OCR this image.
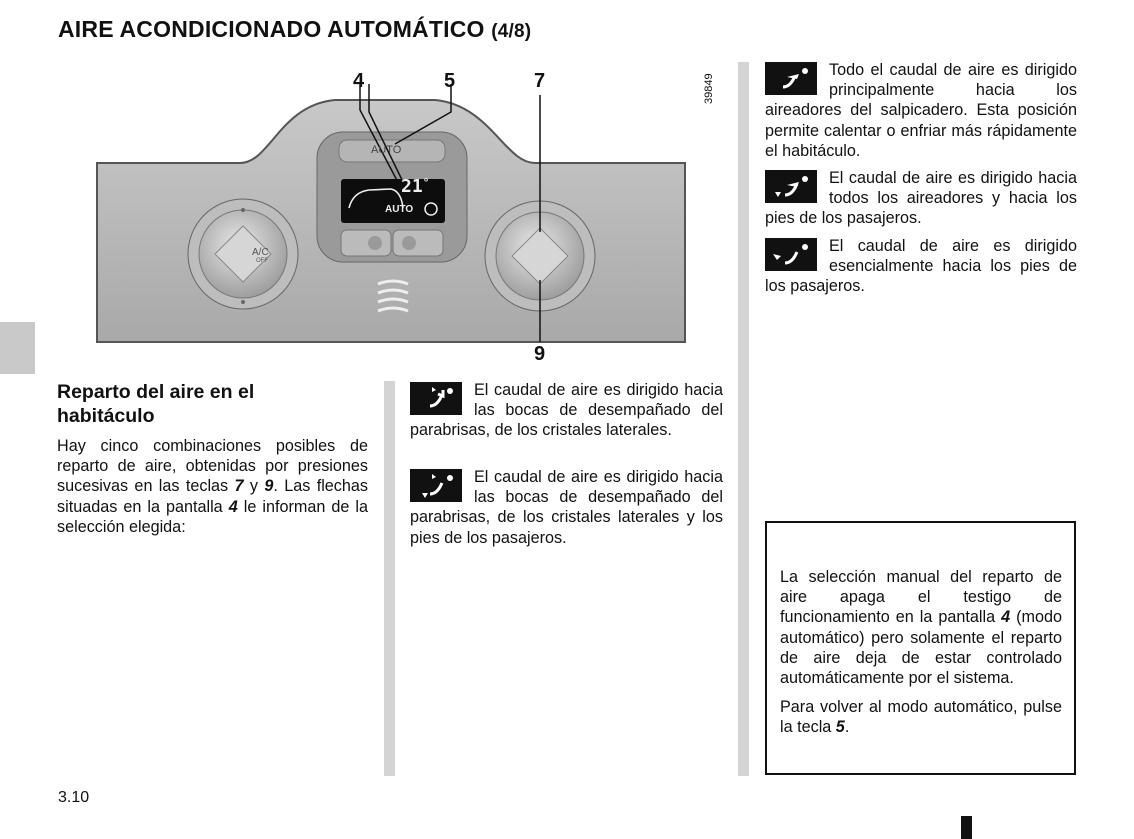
AIRE ACONDICIONADO AUTOMÁTICO (4/8)
AUTO
21°
AUTO
A/C
OFF
4	5	7
9
39849
Reparto del aire en el
habitáculo
Hay cinco combinaciones posibles de reparto de aire, obtenidas por presiones sucesivas en las teclas 7 y 9. Las flechas situadas en la pantalla 4 le informan de la selección elegida:
El caudal de aire es dirigido hacia las bocas de desempañado del parabrisas, de los cristales laterales.
El caudal de aire es dirigido hacia las bocas de desempañado del parabrisas, de los cristales laterales y los pies de los pasajeros.
Todo el caudal de aire es dirigido principalmente hacia los aireadores del salpicadero. Esta posición permite calentar o enfriar más rápidamente el habitáculo.
El caudal de aire es dirigido hacia todos los aireadores y hacia los pies de los pasajeros.
El caudal de aire es dirigido esencialmente hacia los pies de los pasajeros.

La selección manual del reparto de aire apaga el testigo de funcionamiento en la pantalla 4 (modo automático) pero solamente el reparto de aire deja de estar controlado automáticamente por el sistema.

Para volver al modo automático, pulse la tecla 5.

3.10
